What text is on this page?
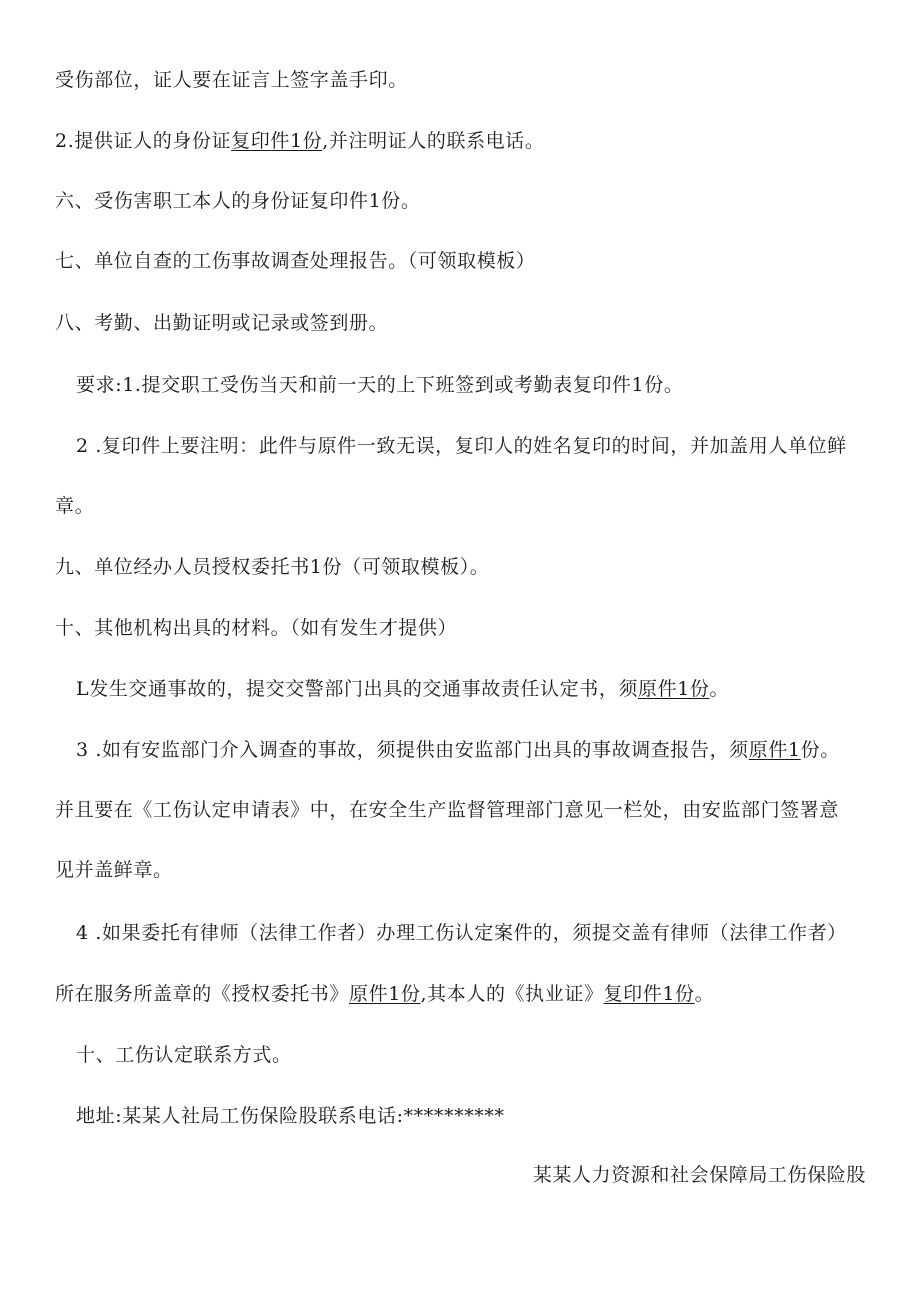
受伤部位，证人要在证言上签字盖手印。
2.提供证人的身份证复印件1份,并注明证人的联系电话。
六、受伤害职工本人的身份证复印件1份。
七、单位自查的工伤事故调查处理报告。（可领取模板）
八、考勤、出勤证明或记录或签到册。
要求:1.提交职工受伤当天和前一天的上下班签到或考勤表复印件1份。
2 .复印件上要注明：此件与原件一致无误，复印人的姓名复印的时间，并加盖用人单位鲜
章。
九、单位经办人员授权委托书1份（可领取模板）。
十、其他机构出具的材料。（如有发生才提供）
L发生交通事故的，提交交警部门出具的交通事故责任认定书，须原件1份。
3 .如有安监部门介入调查的事故，须提供由安监部门出具的事故调查报告，须原件1份。
并且要在《工伤认定申请表》中，在安全生产监督管理部门意见一栏处，由安监部门签署意
见并盖鲜章。
4 .如果委托有律师（法律工作者）办理工伤认定案件的，须提交盖有律师（法律工作者）
所在服务所盖章的《授权委托书》原件1份,其本人的《执业证》复印件1份。
十、工伤认定联系方式。
地址:某某人社局工伤保险股联系电话:**********
某某人力资源和社会保障局工伤保险股
